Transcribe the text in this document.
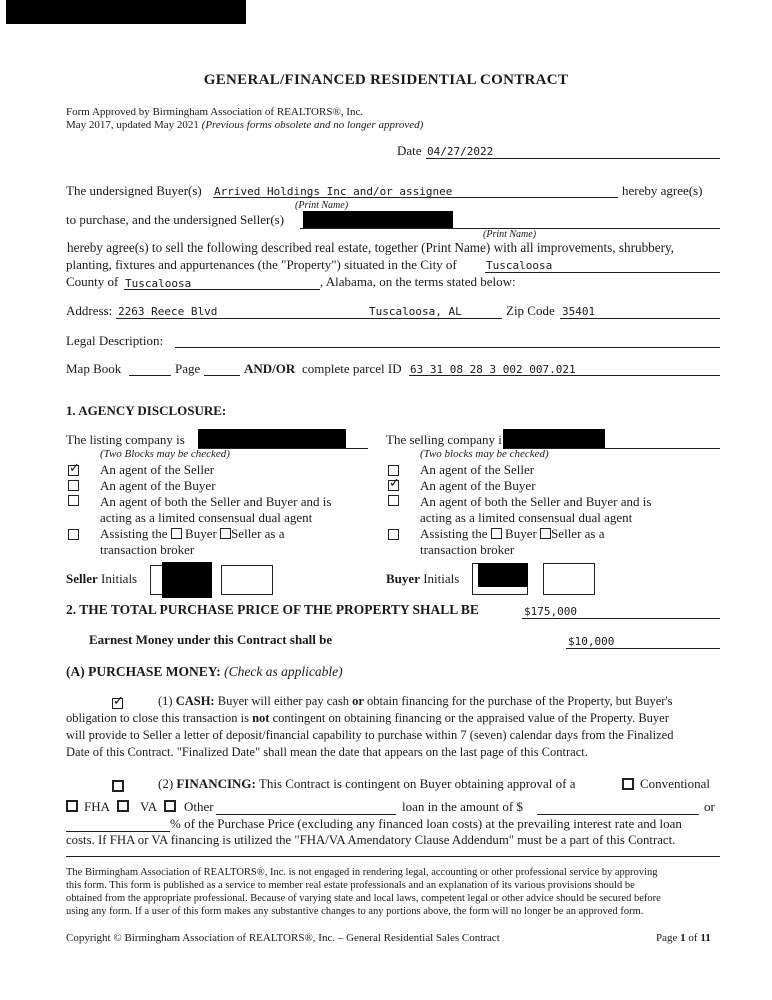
GENERAL/FINANCED RESIDENTIAL CONTRACT
Form Approved by Birmingham Association of REALTORS®, Inc.
May 2017, updated May 2021 (Previous forms obsolete and no longer approved)
Date 04/27/2022
The undersigned Buyer(s) Arrived Holdings Inc and/or assignee	hereby agree(s)
(Print Name)
to purchase, and the undersigned Seller(s)
(Print Name)
hereby agree(s) to sell the following described real estate, together (Print Name) with all improvements, shrubbery,
planting, fixtures and appurtenances (the "Property") situated in the City of	Tuscaloosa
County of Tuscaloosa	, Alabama, on the terms stated below:
Address: 2263 Reece Blvd	Tuscaloosa, AL	Zip Code 35401
Legal Description:
Map Book	Page	AND/OR complete parcel ID 63 31 08 28 3 002 007.021
1. AGENCY DISCLOSURE:
The listing company is
(Two Blocks may be checked)
✓
An agent of the Seller
An agent of the Buyer
An agent of both the Seller and Buyer and is
acting as a limited consensual dual agent
Assisting the Buyer Seller as a
transaction broker
The selling company i
(Two blocks may be checked)
An agent of the Seller
✓
An agent of the Buyer
An agent of both the Seller and Buyer and is
acting as a limited consensual dual agent
Assisting the Buyer Seller as a
transaction broker
Seller Initials	Buyer Initials
2. THE TOTAL PURCHASE PRICE OF THE PROPERTY SHALL BE	$175,000
Earnest Money under this Contract shall be	$10,000
(A) PURCHASE MONEY: (Check as applicable)
✓
(1) CASH: Buyer will either pay cash or obtain financing for the purchase of the Property, but Buyer's
obligation to close this transaction is not contingent on obtaining financing or the appraised value of the Property. Buyer
will provide to Seller a letter of deposit/financial capability to purchase within 7 (seven) calendar days from the Finalized
Date of this Contract. "Finalized Date" shall mean the date that appears on the last page of this Contract.
(2) FINANCING: This Contract is contingent on Buyer obtaining approval of a	Conventional
FHA VA Other	loan in the amount of $	or
% of the Purchase Price (excluding any financed loan costs) at the prevailing interest rate and loan
costs. If FHA or VA financing is utilized the "FHA/VA Amendatory Clause Addendum" must be a part of this Contract.
The Birmingham Association of REALTORS®, Inc. is not engaged in rendering legal, accounting or other professional service by approving
this form. This form is published as a service to member real estate professionals and an explanation of its various provisions should be
obtained from the appropriate professional. Because of varying state and local laws, competent legal or other advice should be secured before
using any form. If a user of this form makes any substantive changes to any portions above, the form will no longer be an approved form.
Copyright © Birmingham Association of REALTORS®, Inc. – General Residential Sales Contract	Page 1 of 11
